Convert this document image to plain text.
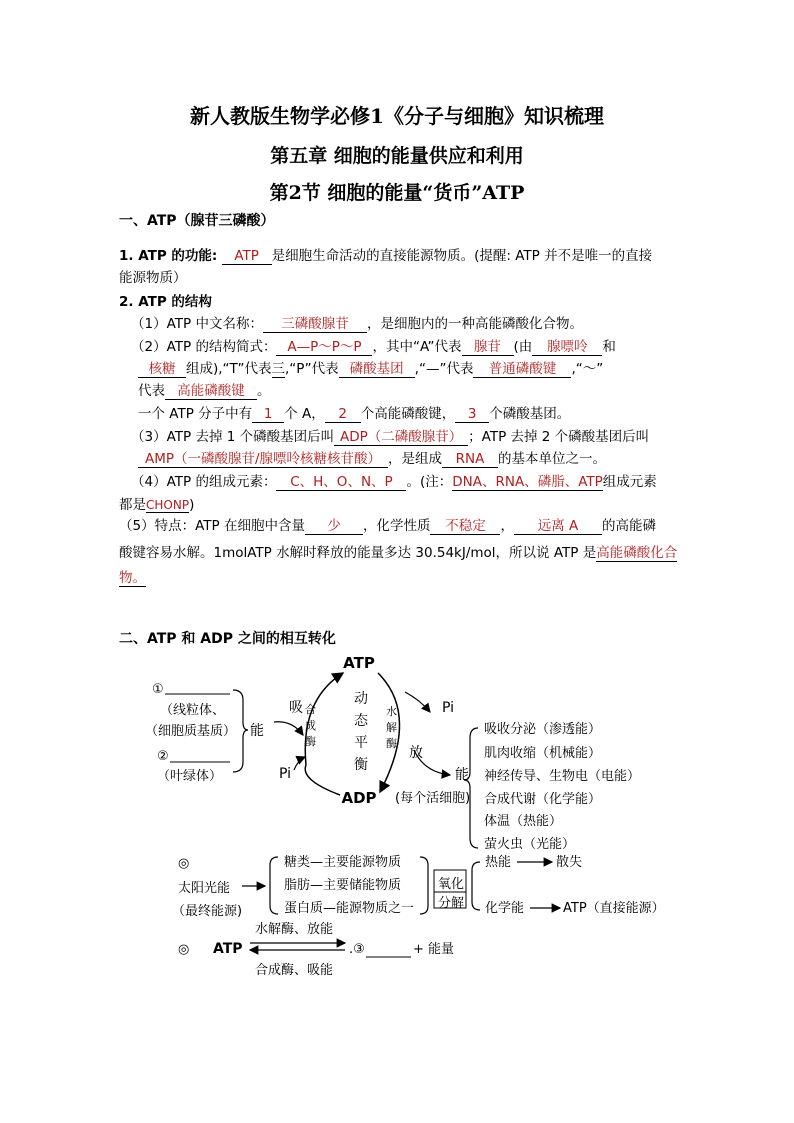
新人教版生物学必修1《分子与细胞》知识梳理
第五章 细胞的能量供应和利用
第2节 细胞的能量“货币”ATP
一、ATP（腺苷三磷酸）
1. ATP 的功能: ATP 是细胞生命活动的直接能源物质。(提醒: ATP 并不是唯一的直接
能源物质）
2. ATP 的结构
（1）ATP 中文名称： 三磷酸腺苷 ，是细胞内的一种高能磷酸化合物。
（2）ATP 的结构简式： A—P～P～P ，其中“A”代表 腺苷 (由 腺嘌呤 和
核糖 组成),“T”代表三,“P”代表 磷酸基团 ,“—”代表 普通磷酸键 ,“～”
代表 高能磷酸键 。
一个 ATP 分子中有 1 个 A， 2 个高能磷酸键， 3 个磷酸基团。
（3）ATP 去掉 1 个磷酸基团后叫 ADP（二磷酸腺苷） ；ATP 去掉 2 个磷酸基团后叫
AMP（一磷酸腺苷/腺嘌呤核糖核苷酸） ，是组成 RNA 的基本单位之一。
（4）ATP 的组成元素： C、H、O、N、P 。(注：DNA、RNA、磷脂、ATP组成元素
都是CHONP)
（5）特点：ATP 在细胞中含量 少 ，化学性质 不稳定 ， 远离 A 的高能磷
酸键容易水解。1molATP 水解时释放的能量多达 30.54kJ/mol，所以说 ATP 是高能磷酸化合
物。
二、ATP 和 ADP 之间的相互转化
ATP
ADP
合
成
酶
动
态
平
衡
水
解
酶
吸
Pi
Pi
放
能
(每个活细胞)
①
（线粒体、
（细胞质基质）
②
（叶绿体）
能	吸收分泌（渗透能）
肌肉收缩（机械能）
神经传导、生物电（电能）
合成代谢（化学能）
体温（热能）
萤火虫（光能）
◎
太阳光能
（最终能源)
糖类—主要能源物质
脂肪—主要储能物质
蛋白质—能源物质之一
氧化
分解
热能	散失
化学能	ATP（直接能源）
◎ ATP
水解酶、放能
合成酶、吸能
.③	+ 能量
